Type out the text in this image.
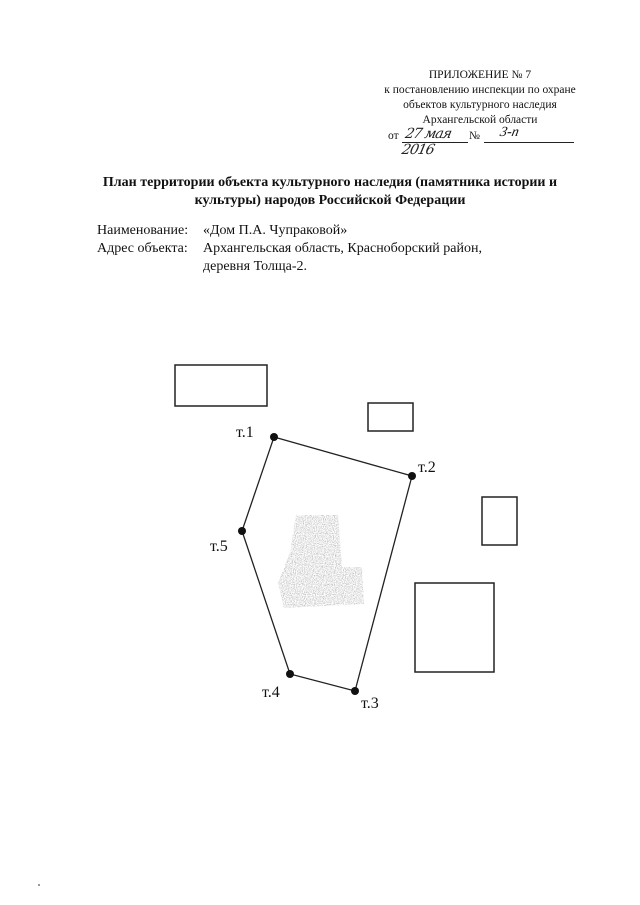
ПРИЛОЖЕНИЕ № 7
к постановлению инспекции по охране
объектов культурного наследия
Архангельской области
от 27 мая 2016
№ 3-п
План территории объекта культурного наследия (памятника истории и
культуры) народов Российской Федерации
Наименование: «Дом П.А. Чупраковой»
Адрес объекта: Архангельская область, Красноборский район,
деревня Толща-2.
т.1
т.2
т.3
т.4
т.5
